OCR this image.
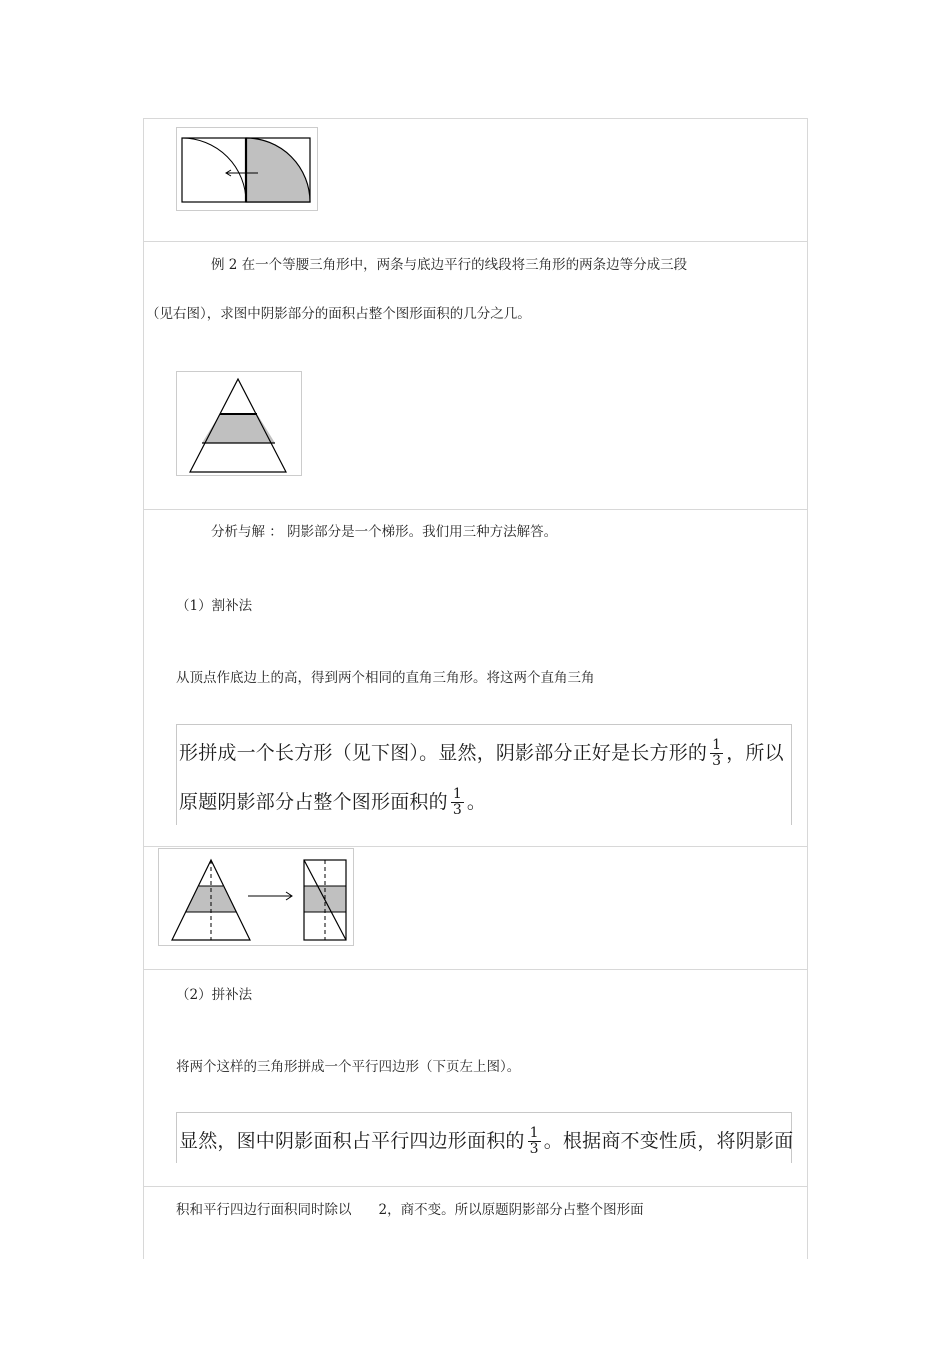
例 2 在一个等腰三角形中，两条与底边平行的线段将三角形的两条边等分成三段
（见右图），求图中阴影部分的面积占整个图形面积的几分之几。
分析与解 ： 阴影部分是一个梯形。我们用三种方法解答。
（1）割补法
从顶点作底边上的高，得到两个相同的直角三角形。将这两个直角三角
形拼成一个长方形（见下图）。显然，阴影部分正好是长方形的 $\frac{1}{3}$ ，所以
原题阴影部分占整个图形面积的 $\frac{1}{3}$ 。
（2）拼补法
将两个这样的三角形拼成一个平行四边形（下页左上图）。
显然，图中阴影面积占平行四边形面积的 $\frac{1}{3}$ 。根据商不变性质，将阴影面
积和平行四边行面积同时除以　　2，商不变。所以原题阴影部分占整个图形面
